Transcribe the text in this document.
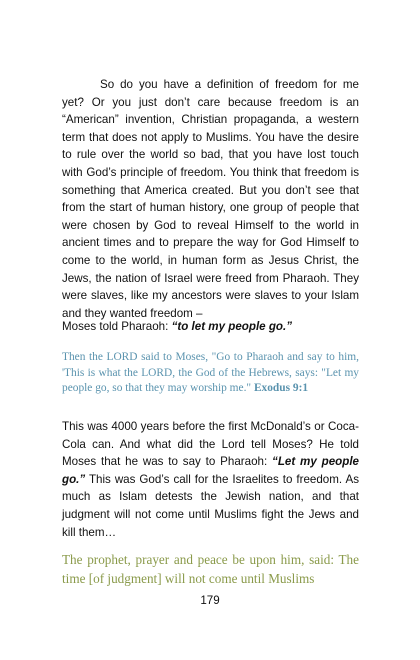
So do you have a definition of freedom for me yet? Or you just don’t care because freedom is an “American” invention, Christian propaganda, a western term that does not apply to Muslims. You have the desire to rule over the world so bad, that you have lost touch with God’s principle of freedom. You think that freedom is something that America created. But you don’t see that from the start of human history, one group of people that were chosen by God to reveal Himself to the world in ancient times and to prepare the way for God Himself to come to the world, in human form as Jesus Christ, the Jews, the nation of Israel were freed from Pharaoh. They were slaves, like my ancestors were slaves to your Islam and they wanted freedom –

Moses told Pharaoh: “to let my people go.”

Then the LORD said to Moses, "Go to Pharaoh and say to him, 'This is what the LORD, the God of the Hebrews, says: "Let my people go, so that they may worship me." Exodus 9:1

This was 4000 years before the first McDonald’s or Coca-Cola can. And what did the Lord tell Moses? He told Moses that he was to say to Pharaoh: “Let my people go.” This was God’s call for the Israelites to freedom. As much as Islam detests the Jewish nation, and that judgment will not come until Muslims fight the Jews and kill them…

The prophet, prayer and peace be upon him, said: The time [of judgment] will not come until Muslims

179
